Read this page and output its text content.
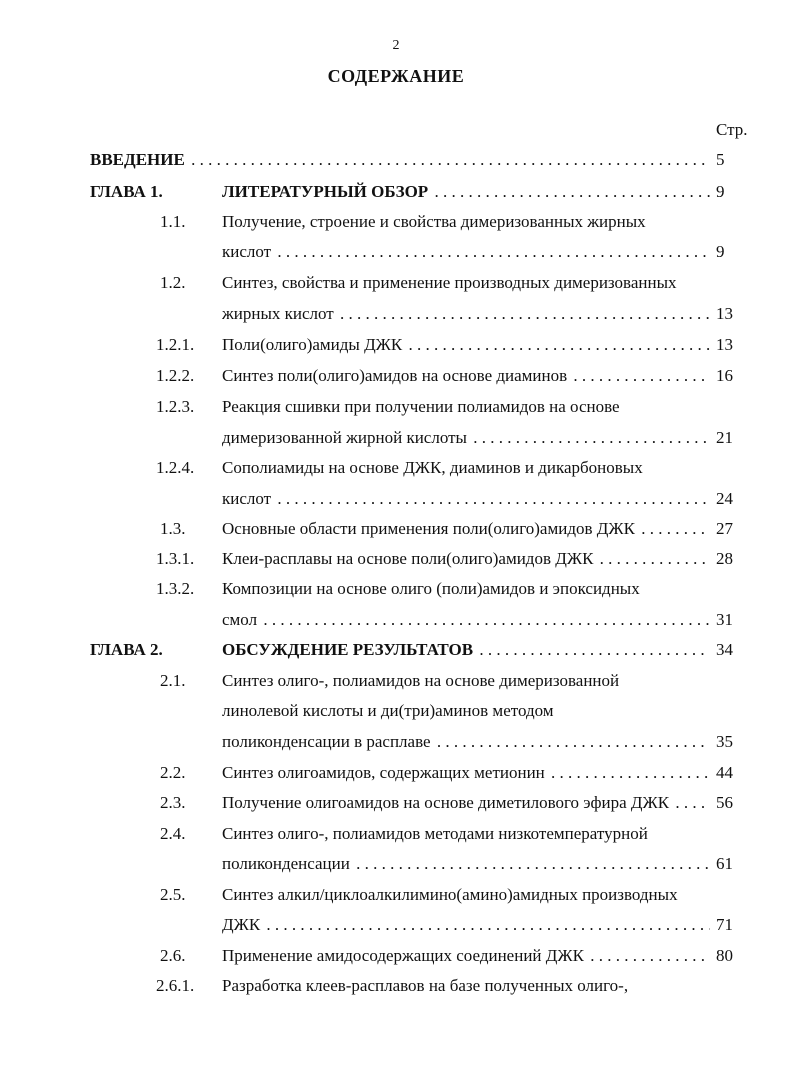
2
СОДЕРЖАНИЕ
Стр.
ВВЕДЕНИЕ . . .	5
ГЛАВА 1.	ЛИТЕРАТУРНЫЙ ОБЗОР . . .	9
1.1. Получение, строение и свойства димеризованных жирных
кислот . . .	9
1.2. Синтез, свойства и применение производных димеризованных
жирных кислот . . .	13
1.2.1. Поли(олиго)амиды ДЖК . . .	13
1.2.2. Синтез поли(олиго)амидов на основе диаминов . . .	16
1.2.3. Реакция сшивки при получении полиамидов на основе
димеризованной жирной кислоты . . .	21
1.2.4. Сополиамиды на основе ДЖК, диаминов и дикарбоновых
кислот . . .	24
1.3. Основные области применения поли(олиго)амидов ДЖК . . .	27
1.3.1. Клеи-расплавы на основе поли(олиго)амидов ДЖК . . .	28
1.3.2. Композиции на основе олиго (поли)амидов и эпоксидных
смол . . .	31
ГЛАВА 2.	ОБСУЖДЕНИЕ РЕЗУЛЬТАТОВ . . .	34
2.1. Синтез олиго-, полиамидов на основе димеризованной
линолевой кислоты и ди(три)аминов методом
поликонденсации в расплаве . . .	35
2.2. Синтез олигоамидов, содержащих метионин . . .	44
2.3. Получение олигоамидов на основе диметилового эфира ДЖК . . .	56
2.4. Синтез олиго-, полиамидов методами низкотемпературной
поликонденсации . . .	61
2.5. Синтез алкил/циклоалкилимино(амино)амидных производных
ДЖК . . .	71
2.6. Применение амидосодержащих соединений ДЖК . . .	80
2.6.1. Разработка клеев-расплавов на базе полученных олиго-,
